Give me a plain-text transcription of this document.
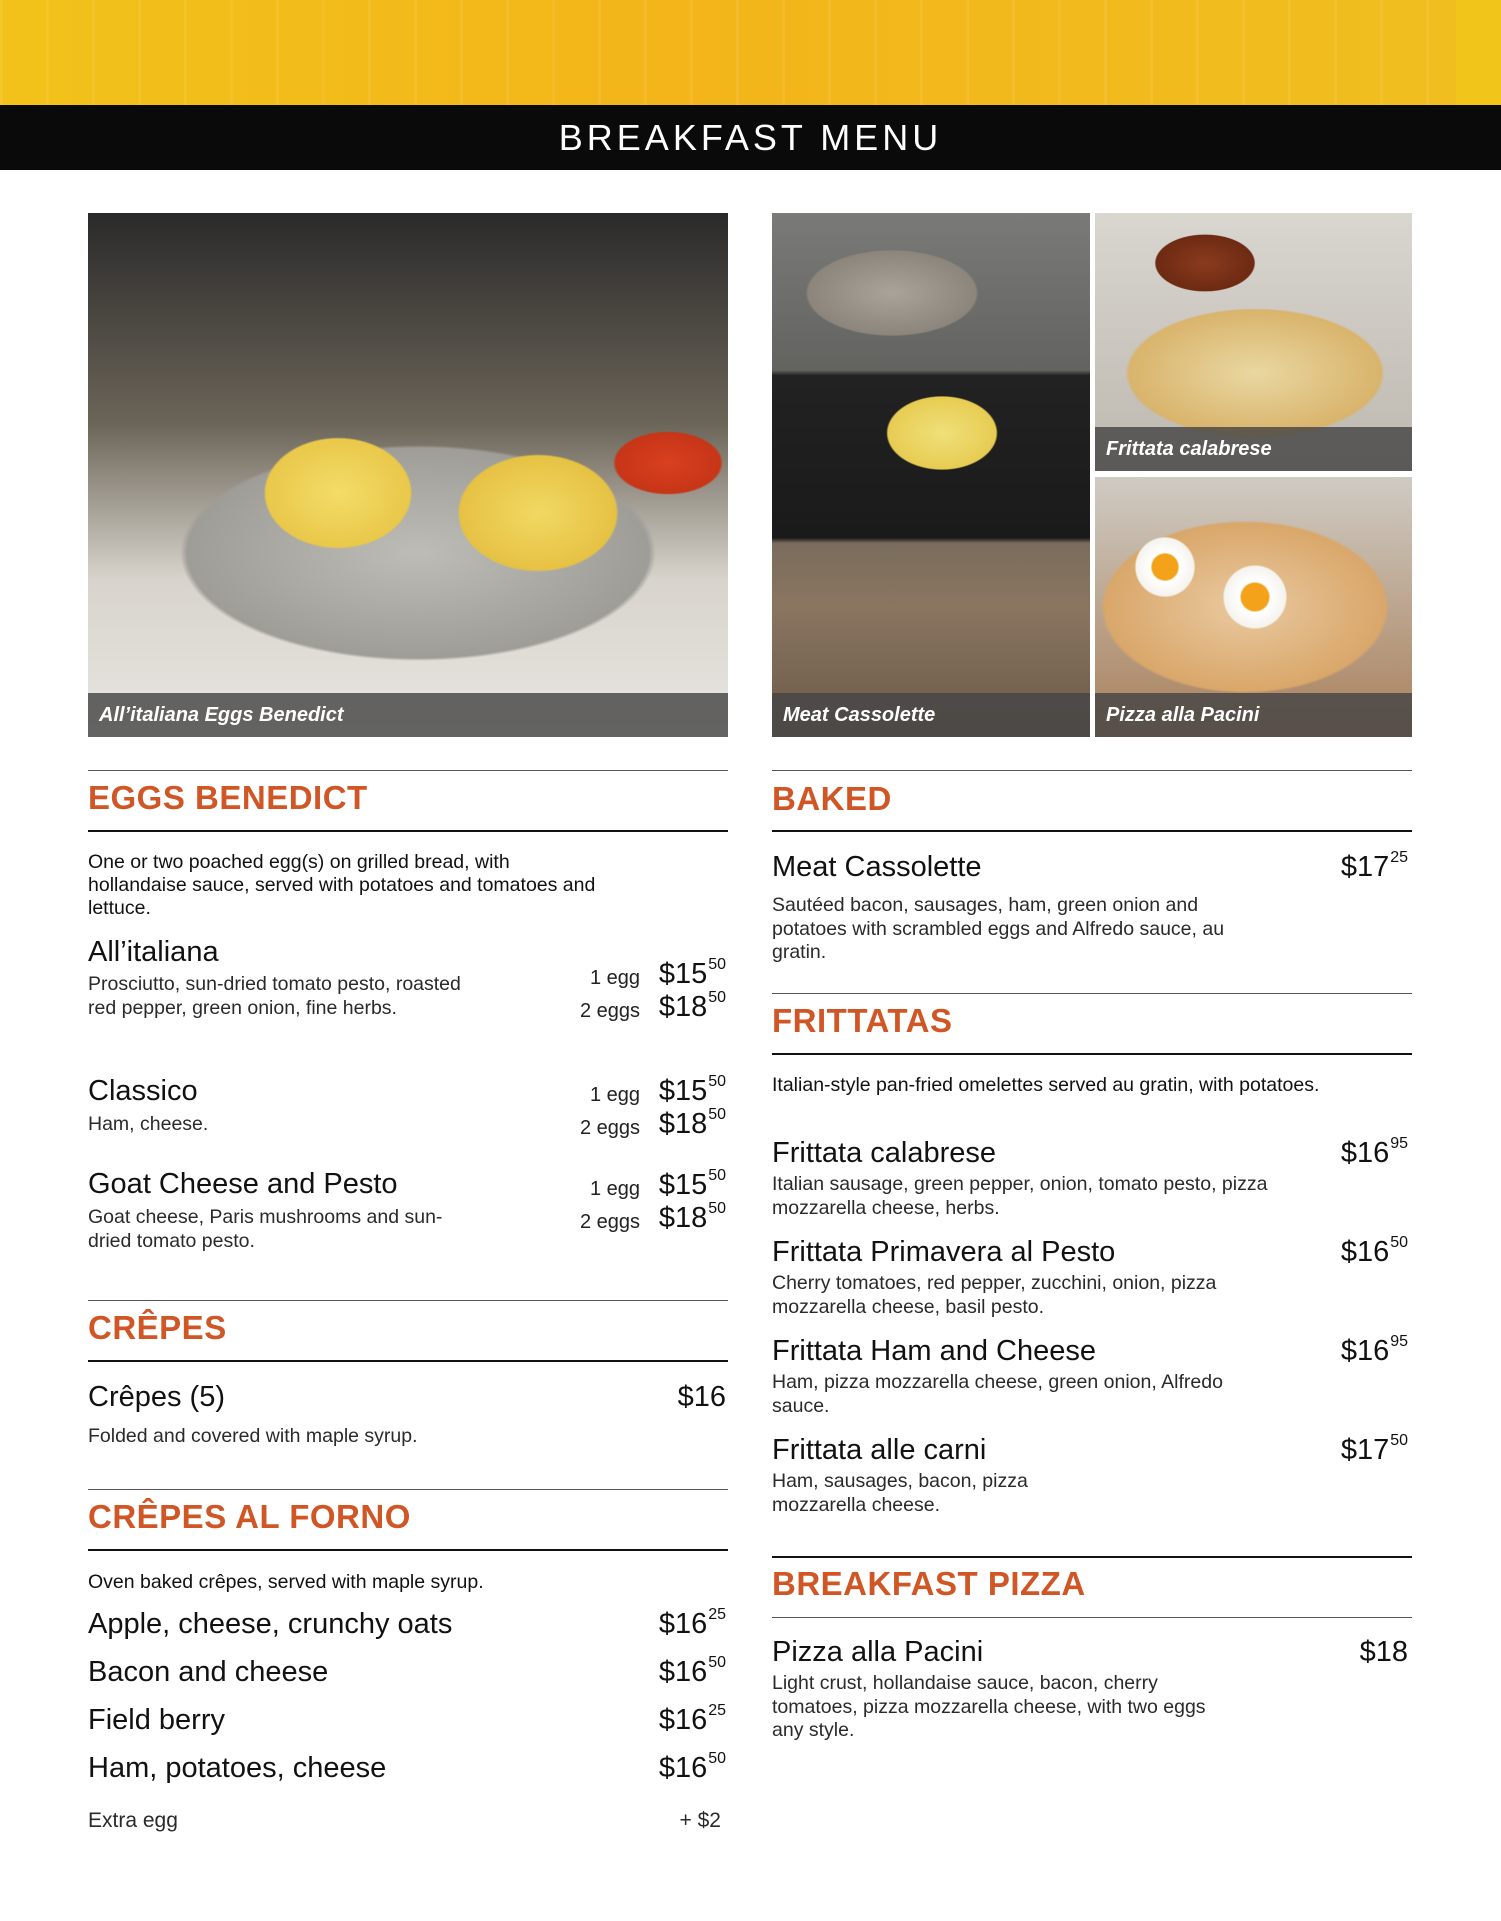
BREAKFAST MENU
All’italiana Eggs Benedict	Meat Cassolette
Frittata calabrese
Pizza alla Pacini
EGGS BENEDICT
One or two poached egg(s) on grilled bread, with hollandaise sauce, served with potatoes and tomatoes and lettuce.
All’italiana
Prosciutto, sun-dried tomato pesto, roasted red pepper, green onion, fine herbs.
1 egg $\$15^{50}$
2 eggs $\$18^{50}$
Classico
Ham, cheese.
1 egg $\$15^{50}$
2 eggs $\$18^{50}$
Goat Cheese and Pesto
Goat cheese, Paris mushrooms and sun-dried tomato pesto.
1 egg $\$15^{50}$
2 eggs $\$18^{50}$
CRÊPES
Crêpes (5)	$16
Folded and covered with maple syrup.
CRÊPES AL FORNO
Oven baked crêpes, served with maple syrup.
Apple, cheese, crunchy oats	$\$16^{25}$
Bacon and cheese	$\$16^{50}$
Field berry	$\$16^{25}$
Ham, potatoes, cheese	$\$16^{50}$
Extra egg	+ $2
BAKED
Meat Cassolette	$\$17^{25}$
Sautéed bacon, sausages, ham, green onion and potatoes with scrambled eggs and Alfredo sauce, au gratin.
FRITTATAS
Italian-style pan-fried omelettes served au gratin, with potatoes.
Frittata calabrese	$\$16^{95}$
Italian sausage, green pepper, onion, tomato pesto, pizza mozzarella cheese, herbs.
Frittata Primavera al Pesto	$\$16^{50}$
Cherry tomatoes, red pepper, zucchini, onion, pizza mozzarella cheese, basil pesto.
Frittata Ham and Cheese	$\$16^{95}$
Ham, pizza mozzarella cheese, green onion, Alfredo sauce.
Frittata alle carni	$\$17^{50}$
Ham, sausages, bacon, pizza mozzarella cheese.
BREAKFAST PIZZA
Pizza alla Pacini	$18
Light crust, hollandaise sauce, bacon, cherry tomatoes, pizza mozzarella cheese, with two eggs any style.
